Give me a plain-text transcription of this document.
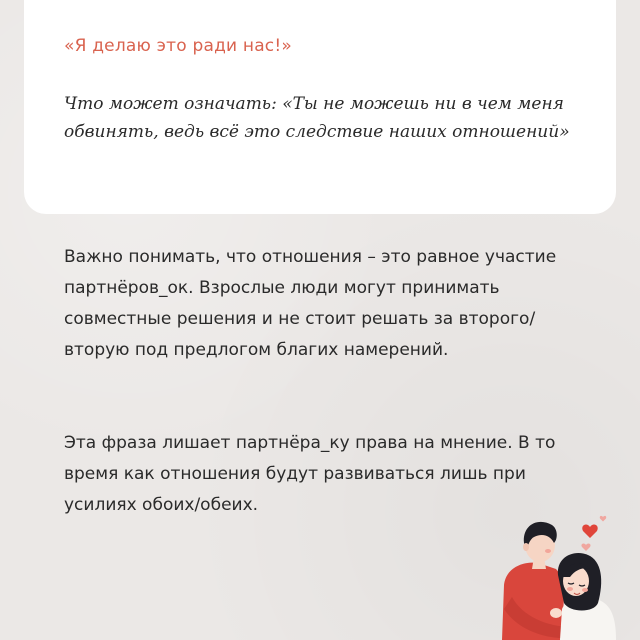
«Я делаю это ради нас!»

Что может означать: «Ты не можешь ни в чем меня обвинять, ведь всё это следствие наших отношений»

Важно понимать, что отношения – это равное участие партнёров_ок. Взрослые люди могут принимать совместные решения и не стоит решать за второго/вторую под предлогом благих намерений.

Эта фраза лишает партнёра_ку права на мнение. В то время как отношения будут развиваться лишь при усилиях обоих/обеих.
